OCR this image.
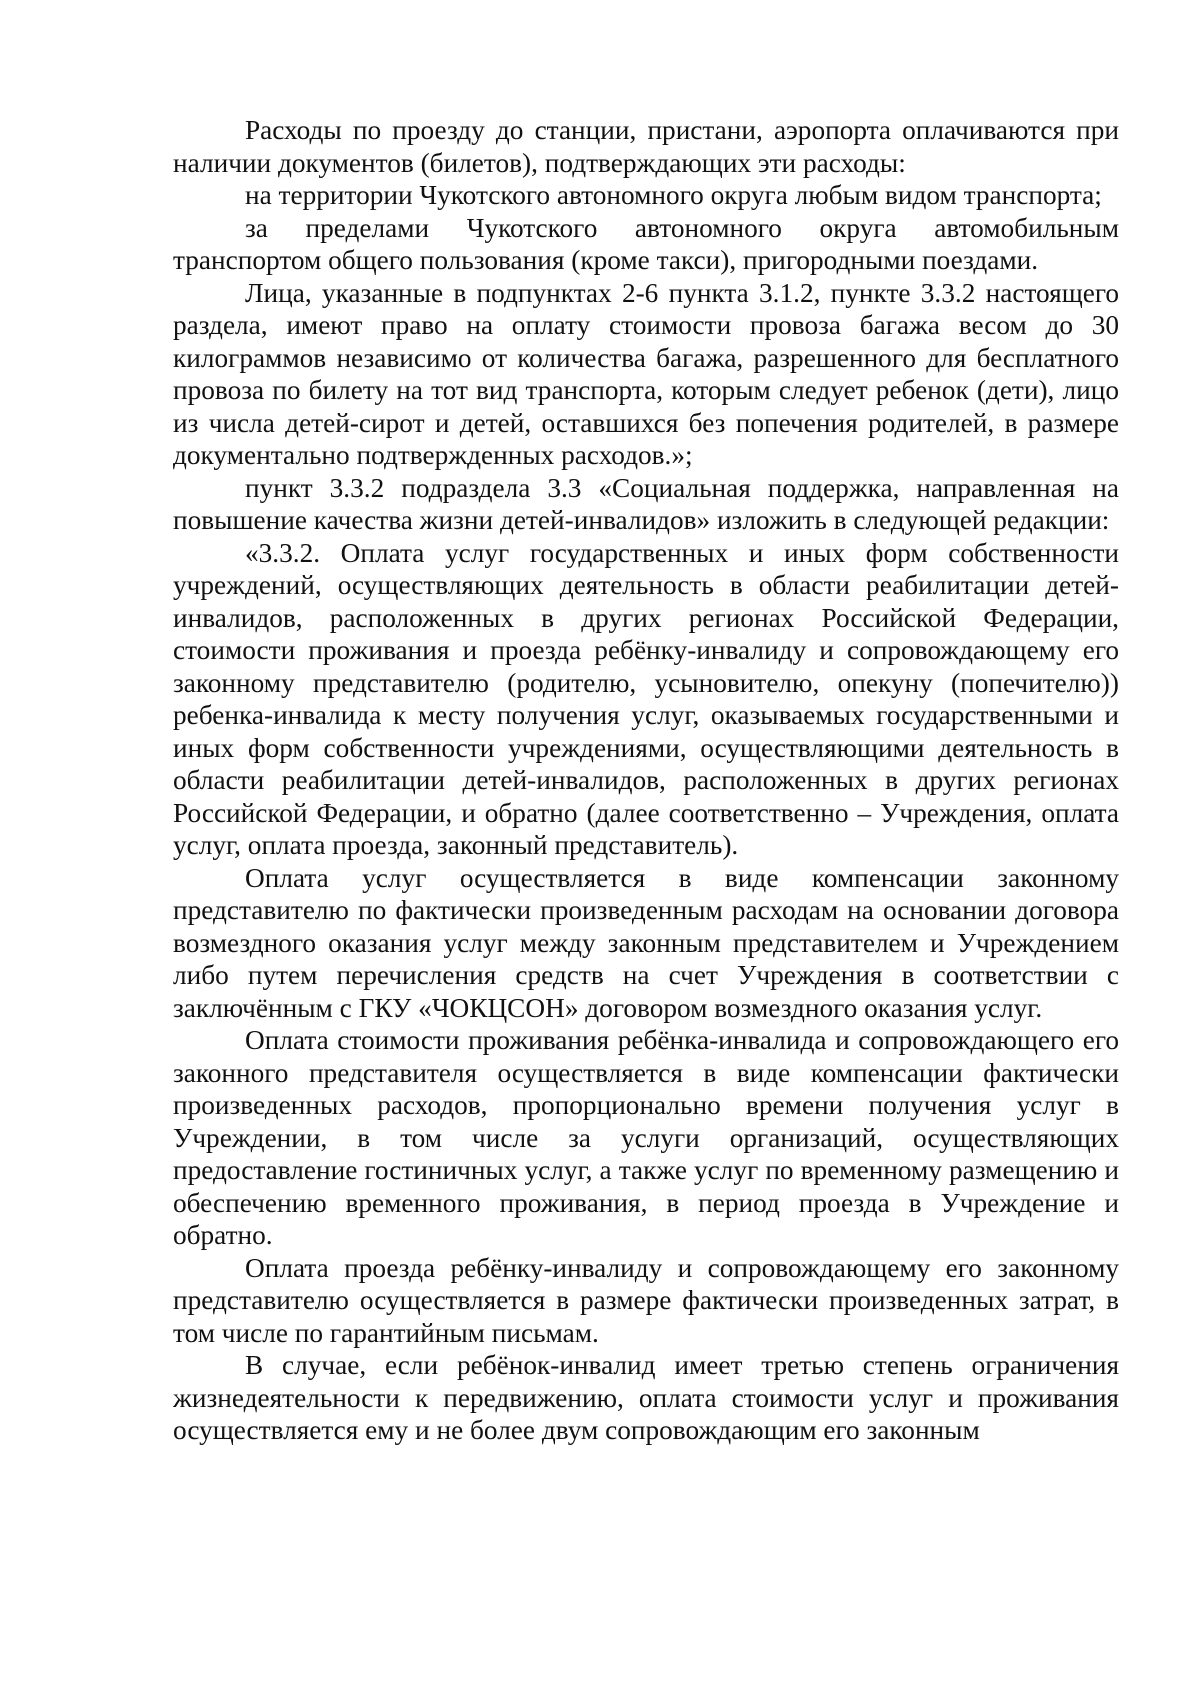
Расходы по проезду до станции, пристани, аэропорта оплачиваются при наличии документов (билетов), подтверждающих эти расходы:

на территории Чукотского автономного округа любым видом транспорта;

за пределами Чукотского автономного округа автомобильным транспортом общего пользования (кроме такси), пригородными поездами.

Лица, указанные в подпунктах 2-6 пункта 3.1.2, пункте 3.3.2 настоящего раздела, имеют право на оплату стоимости провоза багажа весом до 30 килограммов независимо от количества багажа, разрешенного для бесплатного провоза по билету на тот вид транспорта, которым следует ребенок (дети), лицо из числа детей-сирот и детей, оставшихся без попечения родителей, в размере документально подтвержденных расходов.»;

пункт 3.3.2 подраздела 3.3 «Социальная поддержка, направленная на повышение качества жизни детей-инвалидов» изложить в следующей редакции:

«3.3.2. Оплата услуг государственных и иных форм собственности учреждений, осуществляющих деятельность в области реабилитации детей-инвалидов, расположенных в других регионах Российской Федерации, стоимости проживания и проезда ребёнку-инвалиду и сопровождающему его законному представителю (родителю, усыновителю, опекуну (попечителю)) ребенка-инвалида к месту получения услуг, оказываемых государственными и иных форм собственности учреждениями, осуществляющими деятельность в области реабилитации детей-инвалидов, расположенных в других регионах Российской Федерации, и обратно (далее соответственно – Учреждения, оплата услуг, оплата проезда, законный представитель).

Оплата услуг осуществляется в виде компенсации законному представителю по фактически произведенным расходам на основании договора возмездного оказания услуг между законным представителем и Учреждением либо путем перечисления средств на счет Учреждения в соответствии с заключённым с ГКУ «ЧОКЦСОН» договором возмездного оказания услуг.

Оплата стоимости проживания ребёнка-инвалида и сопровождающего его законного представителя осуществляется в виде компенсации фактически произведенных расходов, пропорционально времени получения услуг в Учреждении, в том числе за услуги организаций, осуществляющих предоставление гостиничных услуг, а также услуг по временному размещению и обеспечению временного проживания, в период проезда в Учреждение и обратно.

Оплата проезда ребёнку-инвалиду и сопровождающему его законному представителю осуществляется в размере фактически произведенных затрат, в том числе по гарантийным письмам.

В случае, если ребёнок-инвалид имеет третью степень ограничения жизнедеятельности к передвижению, оплата стоимости услуг и проживания осуществляется ему и не более двум сопровождающим его законным
